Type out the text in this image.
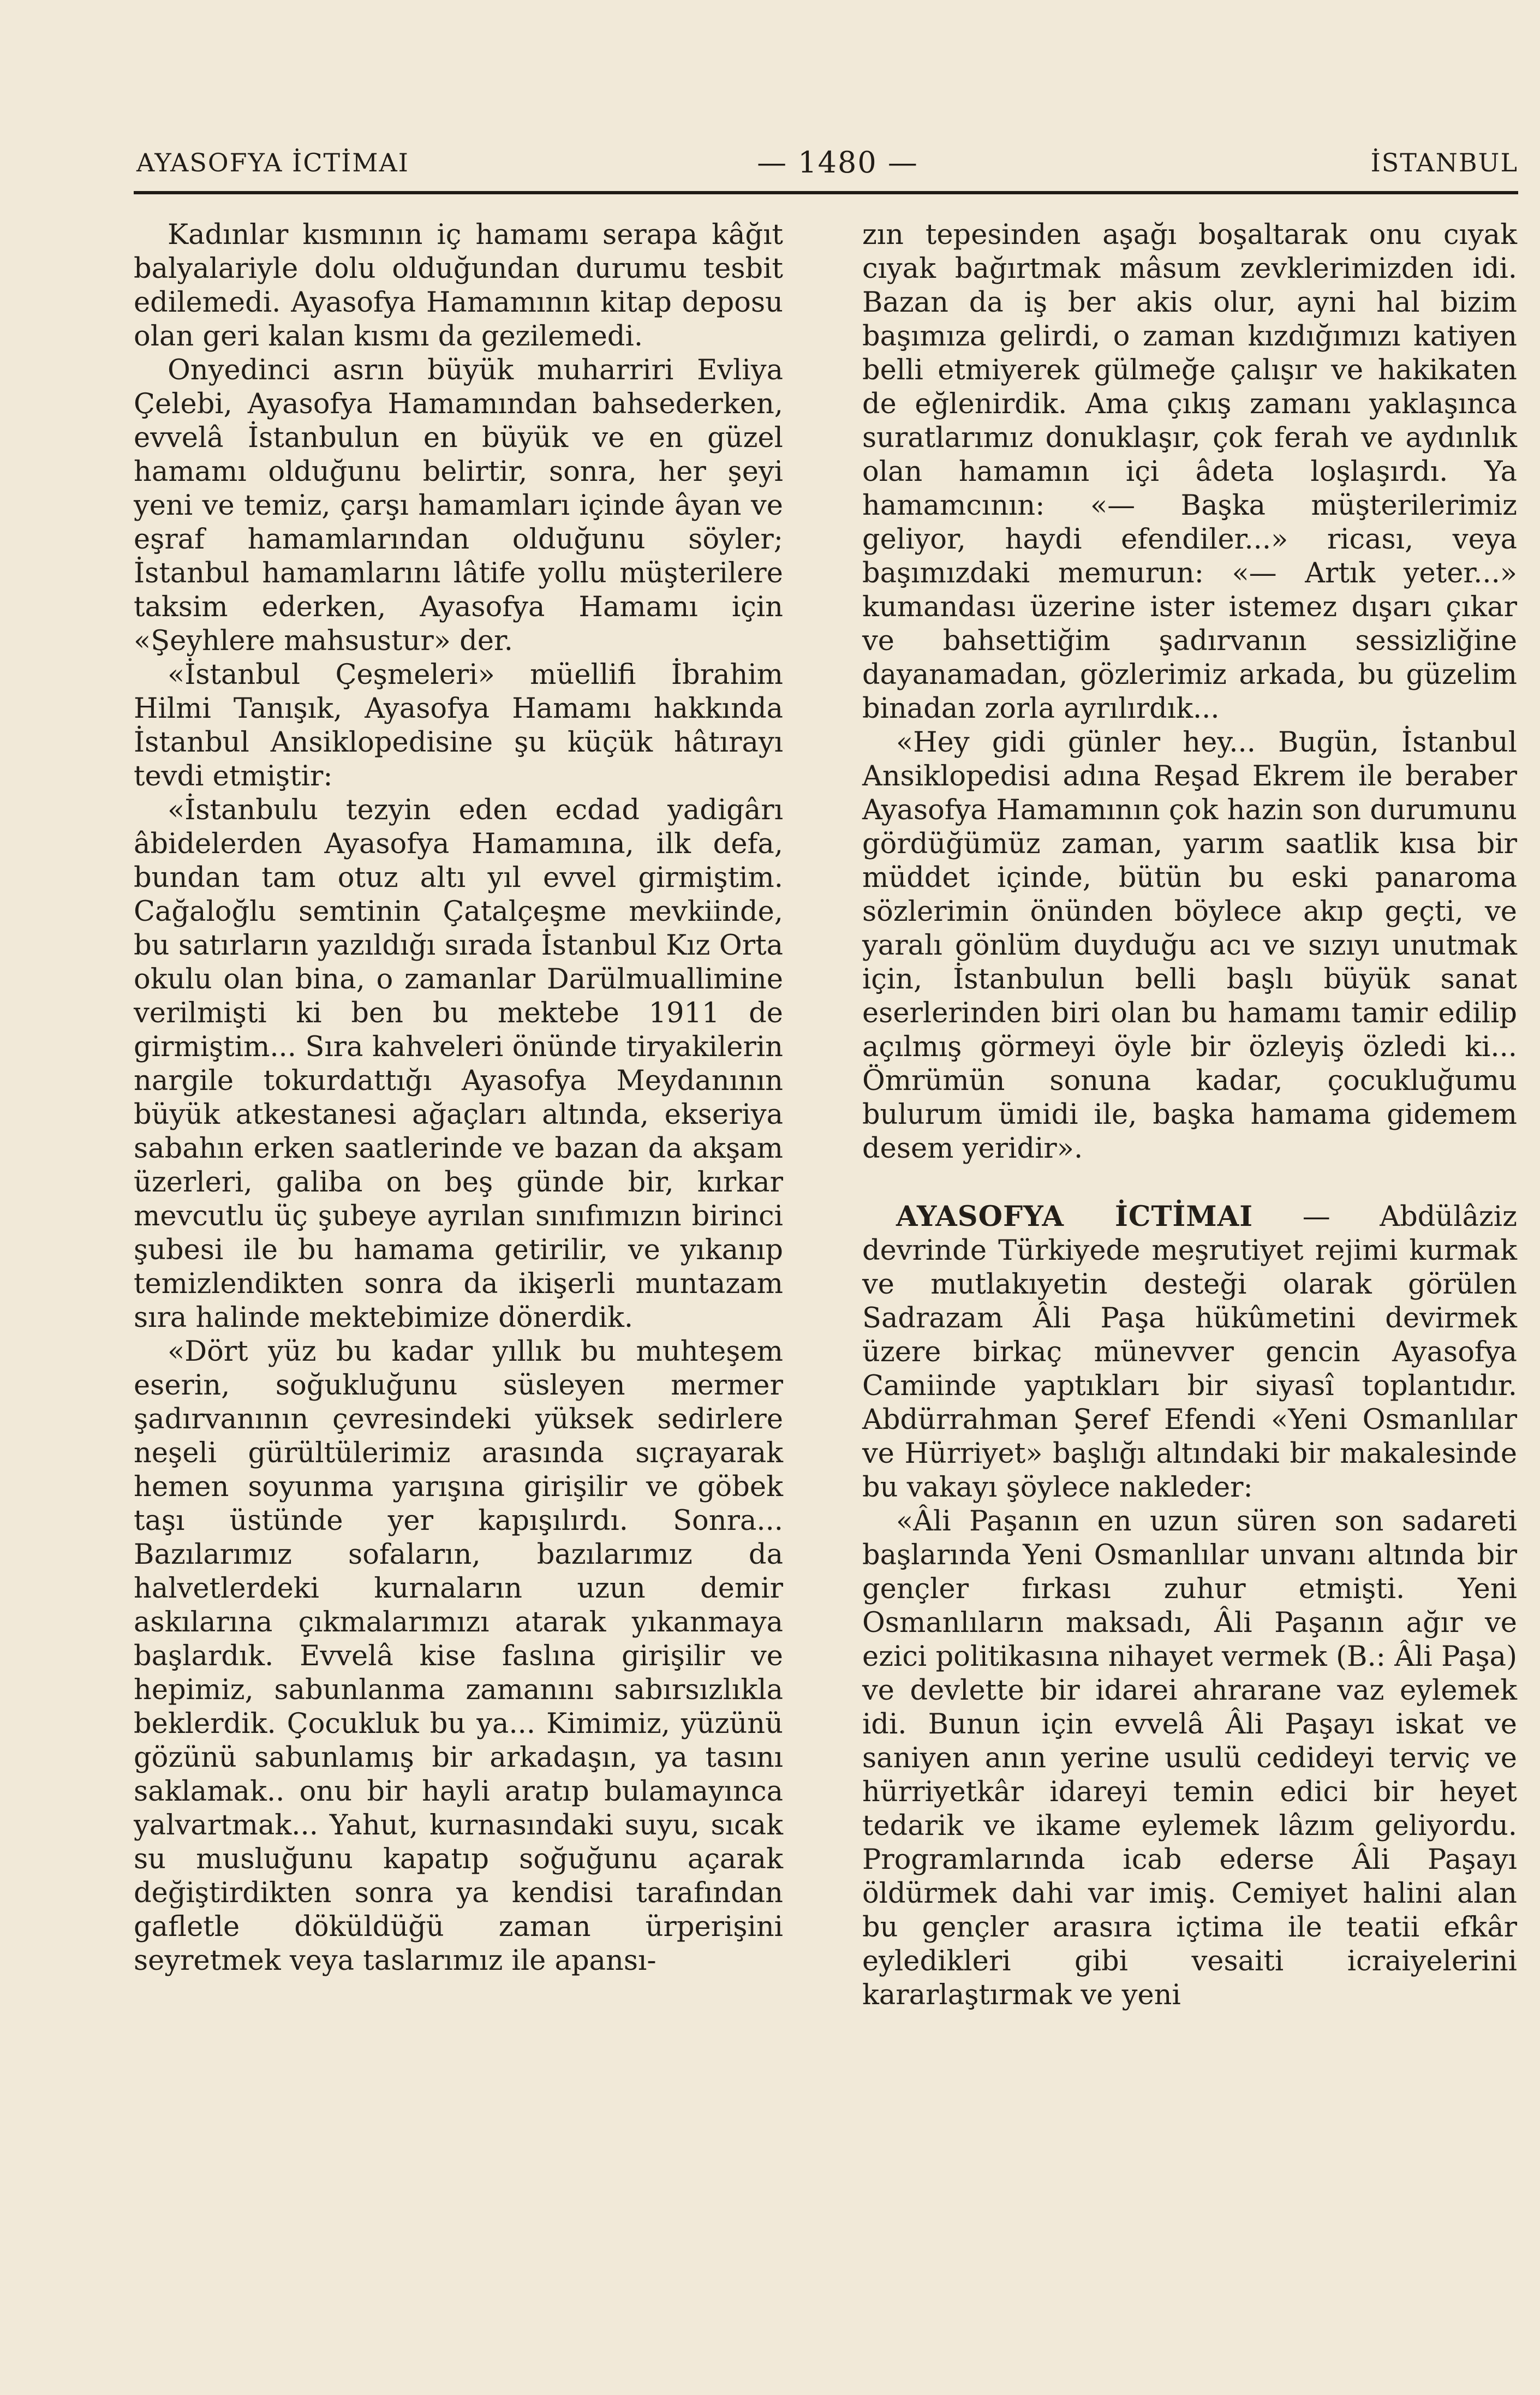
AYASOFYA İCTİMAI	— 1480 —	İSTANBUL

Kadınlar kısmının iç hamamı serapa kâğıt balyalariyle dolu olduğundan durumu tesbit edilemedi. Ayasofya Hamamının kitap deposu olan geri kalan kısmı da gezilemedi.

Onyedinci asrın büyük muharriri Evliya Çelebi, Ayasofya Hamamından bahsederken, evvelâ İstanbulun en büyük ve en güzel hamamı olduğunu belirtir, sonra, her şeyi yeni ve temiz, çarşı hamamları içinde âyan ve eşraf hamamlarından olduğunu söyler; İstanbul hamamlarını lâtife yollu müşterilere taksim ederken, Ayasofya Hamamı için «Şeyhlere mahsustur» der.

«İstanbul Çeşmeleri» müellifi İbrahim Hilmi Tanışık, Ayasofya Hamamı hakkında İstanbul Ansiklopedisine şu küçük hâtırayı tevdi etmiştir:

«İstanbulu tezyin eden ecdad yadigârı âbidelerden Ayasofya Hamamına, ilk defa, bundan tam otuz altı yıl evvel girmiştim. Cağaloğlu semtinin Çatalçeşme mevkiinde, bu satırların yazıldığı sırada İstanbul Kız Orta okulu olan bina, o zamanlar Darülmuallimine verilmişti ki ben bu mektebe 1911 de girmiştim... Sıra kahveleri önünde tiryakilerin nargile tokurdattığı Ayasofya Meydanının büyük atkestanesi ağaçları altında, ekseriya sabahın erken saatlerinde ve bazan da akşam üzerleri, galiba on beş günde bir, kırkar mevcutlu üç şubeye ayrılan sınıfımızın birinci şubesi ile bu hamama getirilir, ve yıkanıp temizlendikten sonra da ikişerli muntazam sıra halinde mektebimize dönerdik.

«Dört yüz bu kadar yıllık bu muhteşem eserin, soğukluğunu süsleyen mermer şadırvanının çevresindeki yüksek sedirlere neşeli gürültülerimiz arasında sıçrayarak hemen soyunma yarışına girişilir ve göbek taşı üstünde yer kapışılırdı. Sonra... Bazılarımız sofaların, bazılarımız da halvetlerdeki kurnaların uzun demir askılarına çıkmalarımızı atarak yıkanmaya başlardık. Evvelâ kise faslına girişilir ve hepimiz, sabunlanma zamanını sabırsızlıkla beklerdik. Çocukluk bu ya... Kimimiz, yüzünü gözünü sabunlamış bir arkadaşın, ya tasını saklamak.. onu bir hayli aratıp bulamayınca yalvartmak... Yahut, kurnasındaki suyu, sıcak su musluğunu kapatıp soğuğunu açarak değiştirdikten sonra ya kendisi tarafından gafletle döküldüğü zaman ürperişini seyretmek veya taslarımız ile apansı-

zın tepesinden aşağı boşaltarak onu cıyak cıyak bağırtmak mâsum zevklerimizden idi. Bazan da iş ber akis olur, ayni hal bizim başımıza gelirdi, o zaman kızdığımızı katiyen belli etmiyerek gülmeğe çalışır ve hakikaten de eğlenirdik. Ama çıkış zamanı yaklaşınca suratlarımız donuklaşır, çok ferah ve aydınlık olan hamamın içi âdeta loşlaşırdı. Ya hamamcının: «— Başka müşterilerimiz geliyor, haydi efendiler...» ricası, veya başımızdaki memurun: «— Artık yeter...» kumandası üzerine ister istemez dışarı çıkar ve bahsettiğim şadırvanın sessizliğine dayanamadan, gözlerimiz arkada, bu güzelim binadan zorla ayrılırdık...

«Hey gidi günler hey... Bugün, İstanbul Ansiklopedisi adına Reşad Ekrem ile beraber Ayasofya Hamamının çok hazin son durumunu gördüğümüz zaman, yarım saatlik kısa bir müddet içinde, bütün bu eski panaroma sözlerimin önünden böylece akıp geçti, ve yaralı gönlüm duyduğu acı ve sızıyı unutmak için, İstanbulun belli başlı büyük sanat eserlerinden biri olan bu hamamı tamir edilip açılmış görmeyi öyle bir özleyiş özledi ki... Ömrümün sonuna kadar, çocukluğumu bulurum ümidi ile, başka hamama gidemem desem yeridir».

AYASOFYA İCTİMAI — Abdülâziz devrinde Türkiyede meşrutiyet rejimi kurmak ve mutlakıyetin desteği olarak görülen Sadrazam Âli Paşa hükûmetini devirmek üzere birkaç münevver gencin Ayasofya Camiinde yaptıkları bir siyasî toplantıdır. Abdürrahman Şeref Efendi «Yeni Osmanlılar ve Hürriyet» başlığı altındaki bir makalesinde bu vakayı şöylece nakleder:

«Âli Paşanın en uzun süren son sadareti başlarında Yeni Osmanlılar unvanı altında bir gençler fırkası zuhur etmişti. Yeni Osmanlıların maksadı, Âli Paşanın ağır ve ezici politikasına nihayet vermek (B.: Âli Paşa) ve devlette bir idarei ahrarane vaz eylemek idi. Bunun için evvelâ Âli Paşayı iskat ve saniyen anın yerine usulü cedideyi terviç ve hürriyetkâr idareyi temin edici bir heyet tedarik ve ikame eylemek lâzım geliyordu. Programlarında icab ederse Âli Paşayı öldürmek dahi var imiş. Cemiyet halini alan bu gençler arasıra içtima ile teatii efkâr eyledikleri gibi vesaiti icraiyelerini kararlaştırmak ve yeni
